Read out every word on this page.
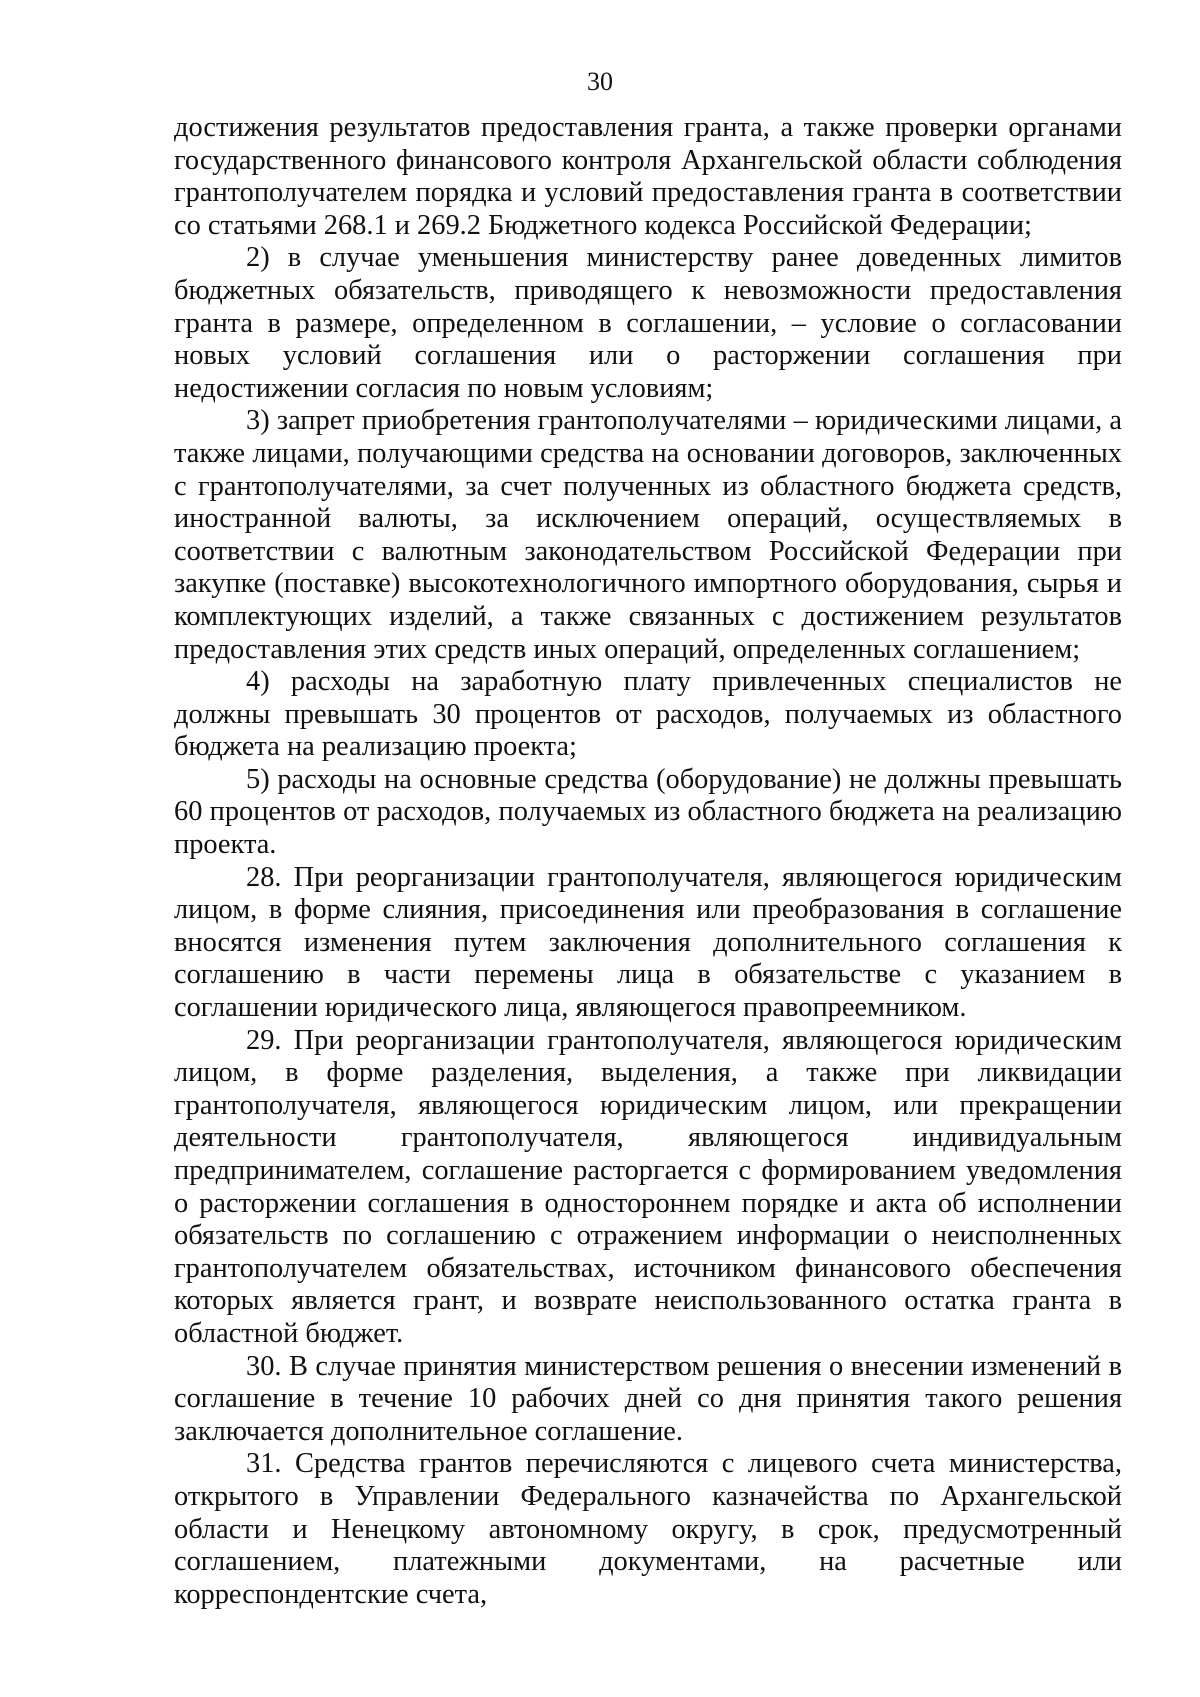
30

достижения результатов предоставления гранта, а также проверки органами государственного финансового контроля Архангельской области соблюдения грантополучателем порядка и условий предоставления гранта в соответствии со статьями 268.1 и 269.2 Бюджетного кодекса Российской Федерации;

2) в случае уменьшения министерству ранее доведенных лимитов бюджетных обязательств, приводящего к невозможности предоставления гранта в размере, определенном в соглашении, – условие о согласовании новых условий соглашения или о расторжении соглашения при недостижении согласия по новым условиям;

3) запрет приобретения грантополучателями – юридическими лицами, а также лицами, получающими средства на основании договоров, заключенных с грантополучателями, за счет полученных из областного бюджета средств, иностранной валюты, за исключением операций, осуществляемых в соответствии с валютным законодательством Российской Федерации при закупке (поставке) высокотехнологичного импортного оборудования, сырья и комплектующих изделий, а также связанных с достижением результатов предоставления этих средств иных операций, определенных соглашением;

4) расходы на заработную плату привлеченных специалистов не должны превышать 30 процентов от расходов, получаемых из областного бюджета на реализацию проекта;

5) расходы на основные средства (оборудование) не должны превышать 60 процентов от расходов, получаемых из областного бюджета на реализацию проекта.

28. При реорганизации грантополучателя, являющегося юридическим лицом, в форме слияния, присоединения или преобразования в соглашение вносятся изменения путем заключения дополнительного соглашения к соглашению в части перемены лица в обязательстве с указанием в соглашении юридического лица, являющегося правопреемником.

29. При реорганизации грантополучателя, являющегося юридическим лицом, в форме разделения, выделения, а также при ликвидации грантополучателя, являющегося юридическим лицом, или прекращении деятельности грантополучателя, являющегося индивидуальным предпринимателем, соглашение расторгается с формированием уведомления о расторжении соглашения в одностороннем порядке и акта об исполнении обязательств по соглашению с отражением информации о неисполненных грантополучателем обязательствах, источником финансового обеспечения которых является грант, и возврате неиспользованного остатка гранта в областной бюджет.

30. В случае принятия министерством решения о внесении изменений в соглашение в течение 10 рабочих дней со дня принятия такого решения заключается дополнительное соглашение.

31. Средства грантов перечисляются с лицевого счета министерства, открытого в Управлении Федерального казначейства по Архангельской области и Ненецкому автономному округу, в срок, предусмотренный соглашением, платежными документами, на расчетные или корреспондентские счета,
